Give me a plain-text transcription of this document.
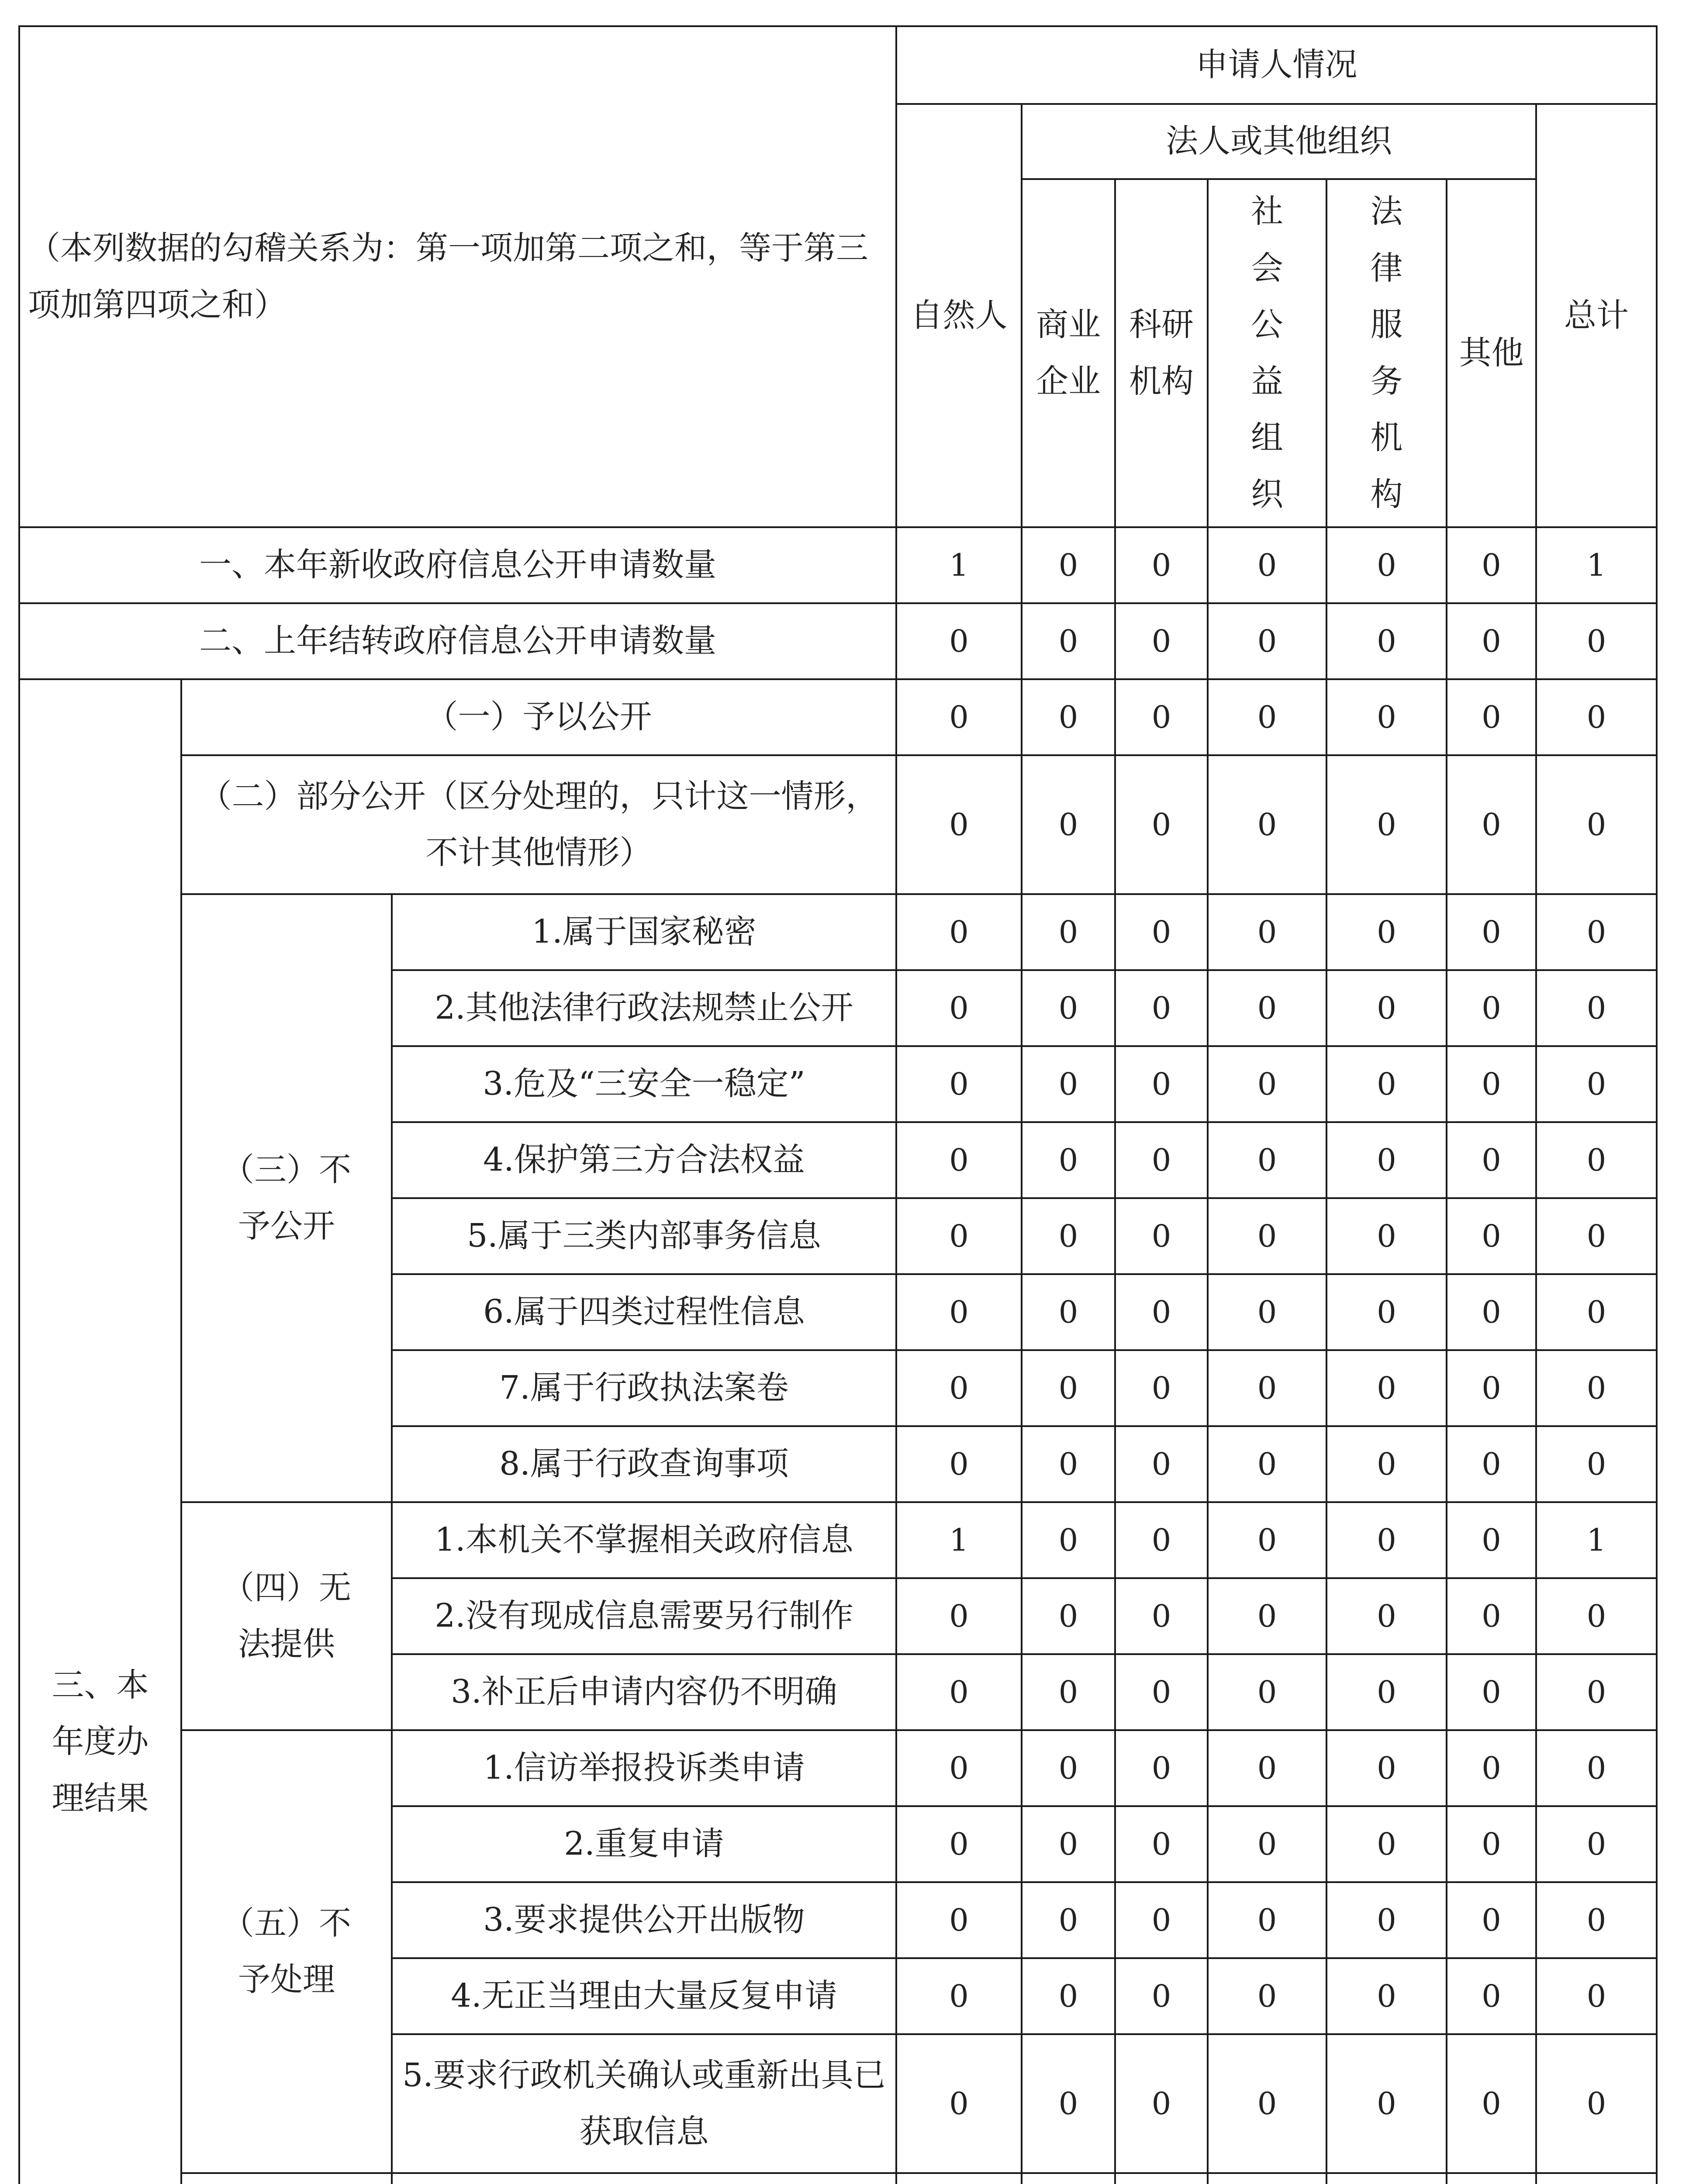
（本列数据的勾稽关系为：第一项加第二项之和，等于第三项加第四项之和）			申请人情况							
			自然人	法人或其他组织					总计	
				商业企业	科研机构	社会公益组织	法律服务机构	其他		
一、本年新收政府信息公开申请数量			1	0	0	0	0	0	1	
二、上年结转政府信息公开申请数量			0	0	0	0	0	0	0	
三、本年度办理结果	（一）予以公开		0	0	0	0	0	0	0	
	（二）部分公开（区分处理的，只计这一情形，不计其他情形）		0	0	0	0	0	0	0	
	（三）不予公开	1.属于国家秘密	0	0	0	0	0	0	0	
		2.其他法律行政法规禁止公开	0	0	0	0	0	0	0	
		3.危及“三安全一稳定”	0	0	0	0	0	0	0	
		4.保护第三方合法权益	0	0	0	0	0	0	0	
		5.属于三类内部事务信息	0	0	0	0	0	0	0	
		6.属于四类过程性信息	0	0	0	0	0	0	0	
		7.属于行政执法案卷	0	0	0	0	0	0	0	
		8.属于行政查询事项	0	0	0	0	0	0	0	
	（四）无法提供	1.本机关不掌握相关政府信息	1	0	0	0	0	0	1	
		2.没有现成信息需要另行制作	0	0	0	0	0	0	0	
		3.补正后申请内容仍不明确	0	0	0	0	0	0	0	
	（五）不予处理	1.信访举报投诉类申请	0	0	0	0	0	0	0	
		2.重复申请	0	0	0	0	0	0	0	
		3.要求提供公开出版物	0	0	0	0	0	0	0	
		4.无正当理由大量反复申请	0	0	0	0	0	0	0	
		5.要求行政机关确认或重新出具已获取信息	0	0	0	0	0	0	0	
